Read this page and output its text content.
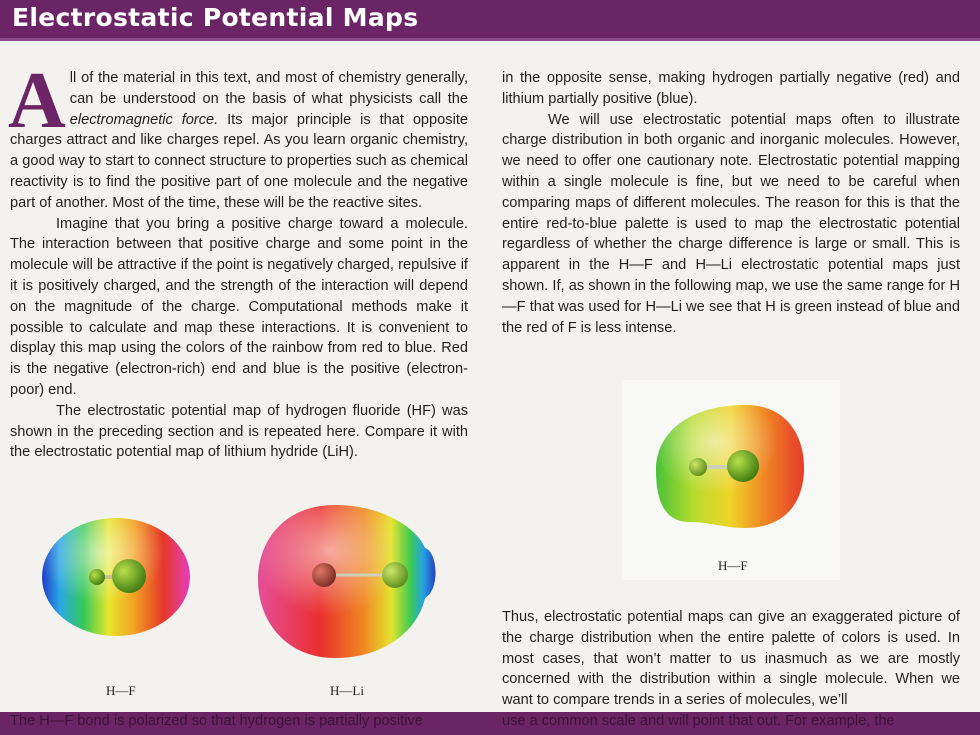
Electrostatic Potential Maps

All of the material in this text, and most of chemistry generally, can be understood on the basis of what physicists call the electromagnetic force. Its major principle is that opposite charges attract and like charges repel. As you learn organic chemistry, a good way to start to connect structure to properties such as chemical reactivity is to find the positive part of one molecule and the negative part of another. Most of the time, these will be the reactive sites.

Imagine that you bring a positive charge toward a molecule. The interaction between that positive charge and some point in the molecule will be attractive if the point is negatively charged, repulsive if it is positively charged, and the strength of the interaction will depend on the magnitude of the charge. Computational methods make it possible to calculate and map these interactions. It is convenient to display this map using the colors of the rainbow from red to blue. Red is the negative (electron-rich) end and blue is the positive (electron-poor) end.

The electrostatic potential map of hydrogen fluoride (HF) was shown in the preceding section and is repeated here. Compare it with the electrostatic potential map of lithium hydride (LiH).

in the opposite sense, making hydrogen partially negative (red) and lithium partially positive (blue).

We will use electrostatic potential maps often to illustrate charge distribution in both organic and inorganic molecules. However, we need to offer one cautionary note. Electrostatic potential mapping within a single molecule is fine, but we need to be careful when comparing maps of different molecules. The reason for this is that the entire red-to-blue palette is used to map the electrostatic potential regardless of whether the charge difference is large or small. This is apparent in the H—F and H—Li electrostatic potential maps just shown. If, as shown in the following map, we use the same range for H—F that was used for H—Li we see that H is green instead of blue and the red of F is less intense.

Thus, electrostatic potential maps can give an exaggerated picture of the charge distribution when the entire palette of colors is used. In most cases, that won’t matter to us inasmuch as we are mostly concerned with the distribution within a single molecule. When we want to compare trends in a series of molecules, we’ll

H—F	H—Li
H—F
The H—F bond is polarized so that hydrogen is partially positive	use a common scale and will point that out. For example, the
